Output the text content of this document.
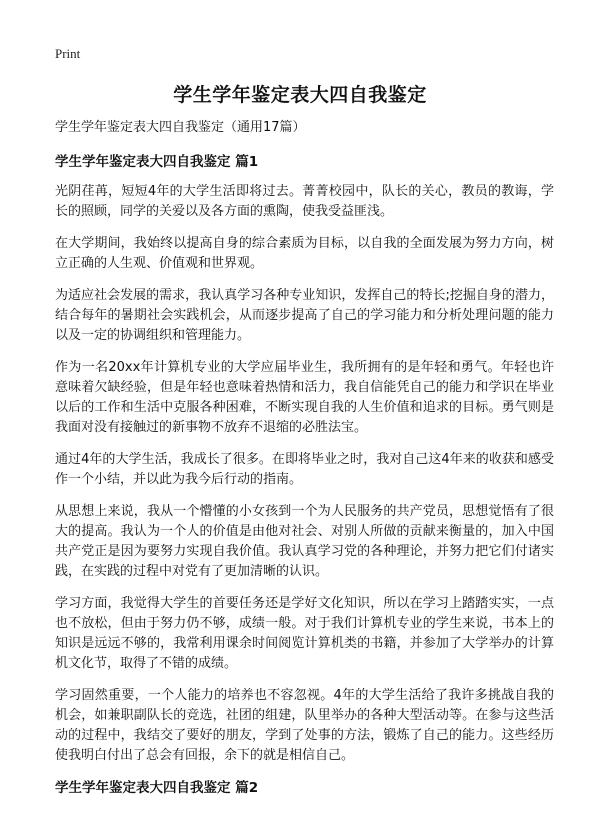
Print
学生学年鉴定表大四自我鉴定

学生学年鉴定表大四自我鉴定（通用17篇）

学生学年鉴定表大四自我鉴定 篇1

光阴荏苒，短短4年的大学生活即将过去。菁菁校园中，队长的关心，教员的教诲，学长的照顾，同学的关爱以及各方面的熏陶，使我受益匪浅。

在大学期间，我始终以提高自身的综合素质为目标，以自我的全面发展为努力方向，树立正确的人生观、价值观和世界观。

为适应社会发展的需求，我认真学习各种专业知识，发挥自己的特长;挖掘自身的潜力，结合每年的暑期社会实践机会，从而逐步提高了自己的学习能力和分析处理问题的能力以及一定的协调组织和管理能力。

作为一名20xx年计算机专业的大学应届毕业生，我所拥有的是年轻和勇气。年轻也许意味着欠缺经验，但是年轻也意味着热情和活力，我自信能凭自己的能力和学识在毕业以后的工作和生活中克服各种困难，不断实现自我的人生价值和追求的目标。勇气则是我面对没有接触过的新事物不放弃不退缩的必胜法宝。

通过4年的大学生活，我成长了很多。在即将毕业之时，我对自己这4年来的收获和感受作一个小结，并以此为我今后行动的指南。

从思想上来说，我从一个懵懂的小女孩到一个为人民服务的共产党员，思想觉悟有了很大的提高。我认为一个人的价值是由他对社会、对别人所做的贡献来衡量的，加入中国共产党正是因为要努力实现自我价值。我认真学习党的各种理论，并努力把它们付诸实践，在实践的过程中对党有了更加清晰的认识。

学习方面，我觉得大学生的首要任务还是学好文化知识，所以在学习上踏踏实实，一点也不放松，但由于努力仍不够，成绩一般。对于我们计算机专业的学生来说，书本上的知识是远远不够的，我常利用课余时间阅览计算机类的书籍，并参加了大学举办的计算机文化节，取得了不错的成绩。

学习固然重要，一个人能力的培养也不容忽视。4年的大学生活给了我许多挑战自我的机会，如兼职副队长的竞选，社团的组建，队里举办的各种大型活动等。在参与这些活动的过程中，我结交了要好的朋友，学到了处事的方法，锻炼了自己的能力。这些经历使我明白付出了总会有回报，余下的就是相信自己。

学生学年鉴定表大四自我鉴定 篇2
